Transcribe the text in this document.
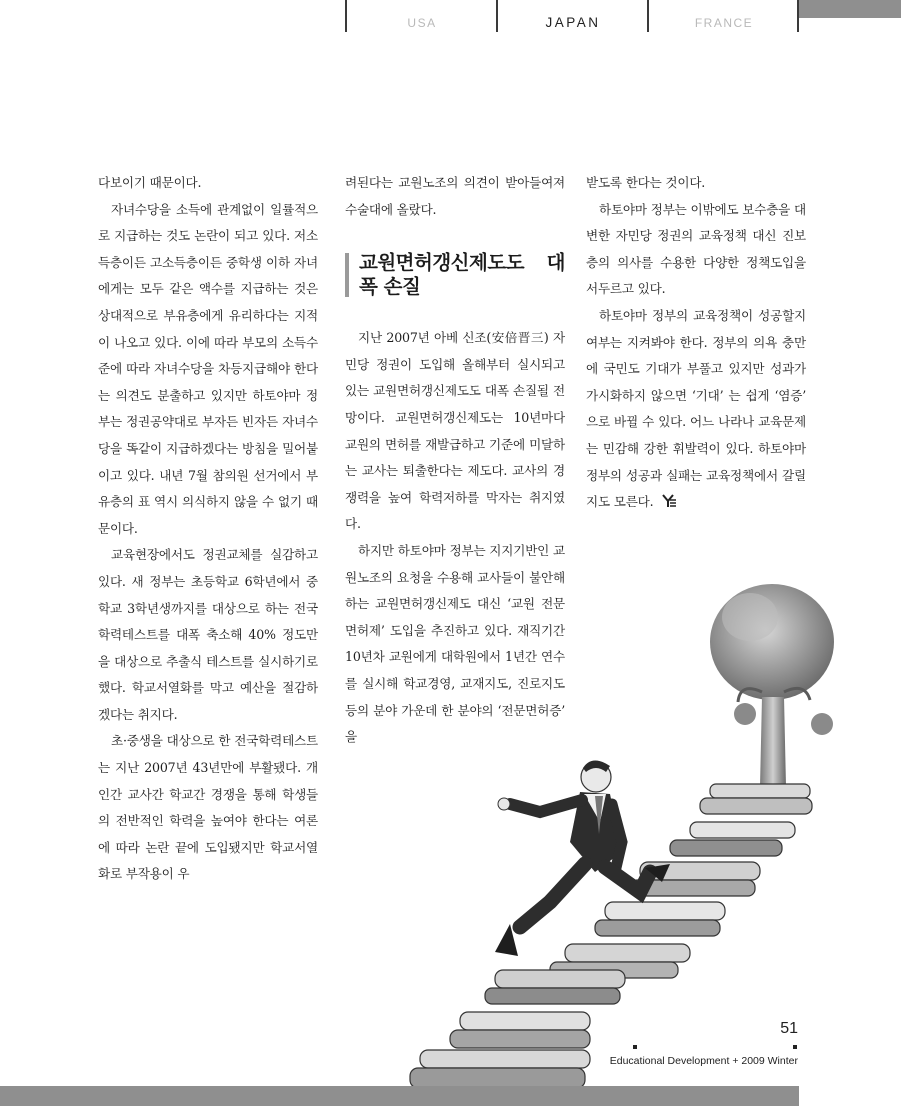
USA	JAPAN	FRANCE

다보이기 때문이다.

자녀수당을 소득에 관계없이 일률적으로 지급하는 것도 논란이 되고 있다. 저소득층이든 고소득층이든 중학생 이하 자녀에게는 모두 같은 액수를 지급하는 것은 상대적으로 부유층에게 유리하다는 지적이 나오고 있다. 이에 따라 부모의 소득수준에 따라 자녀수당을 차등지급해야 한다는 의견도 분출하고 있지만 하토야마 정부는 정권공약대로 부자든 빈자든 자녀수당을 똑같이 지급하겠다는 방침을 밀어붙이고 있다. 내년 7월 참의원 선거에서 부유층의 표 역시 의식하지 않을 수 없기 때문이다.

교육현장에서도 정권교체를 실감하고 있다. 새 정부는 초등학교 6학년에서 중학교 3학년생까지를 대상으로 하는 전국 학력테스트를 대폭 축소해 40% 정도만을 대상으로 추출식 테스트를 실시하기로 했다. 학교서열화를 막고 예산을 절감하겠다는 취지다.

초·중생을 대상으로 한 전국학력테스트는 지난 2007년 43년만에 부활됐다. 개인간 교사간 학교간 경쟁을 통해 학생들의 전반적인 학력을 높여야 한다는 여론에 따라 논란 끝에 도입됐지만 학교서열화로 부작용이 우

려된다는 교원노조의 의견이 받아들여져 수술대에 올랐다.

교원면허갱신제도도 대폭 손질

지난 2007년 아베 신조(安倍晋三) 자민당 정권이 도입해 올해부터 실시되고 있는 교원면허갱신제도도 대폭 손질될 전망이다. 교원면허갱신제도는 10년마다 교원의 면허를 재발급하고 기준에 미달하는 교사는 퇴출한다는 제도다. 교사의 경쟁력을 높여 학력저하를 막자는 취지였다.

하지만 하토야마 정부는 지지기반인 교원노조의 요청을 수용해 교사들이 불안해 하는 교원면허갱신제도 대신 ‘교원 전문면허제’ 도입을 추진하고 있다. 재직기간 10년차 교원에게 대학원에서 1년간 연수를 실시해 학교경영, 교재지도, 진로지도 등의 분야 가운데 한 분야의 ‘전문면허증’ 을

받도록 한다는 것이다.

하토야마 정부는 이밖에도 보수층을 대변한 자민당 정권의 교육정책 대신 진보층의 의사를 수용한 다양한 정책도입을 서두르고 있다.

하토야마 정부의 교육정책이 성공할지 여부는 지켜봐야 한다. 정부의 의욕 충만에 국민도 기대가 부풀고 있지만 성과가 가시화하지 않으면 ‘기대’ 는 쉽게 ‘염증’ 으로 바뀔 수 있다. 어느 나라나 교육문제는 민감해 강한 휘발력이 있다. 하토야마 정부의 성공과 실패는 교육정책에서 갈릴지도 모른다.

51
Educational Development + 2009 Winter
